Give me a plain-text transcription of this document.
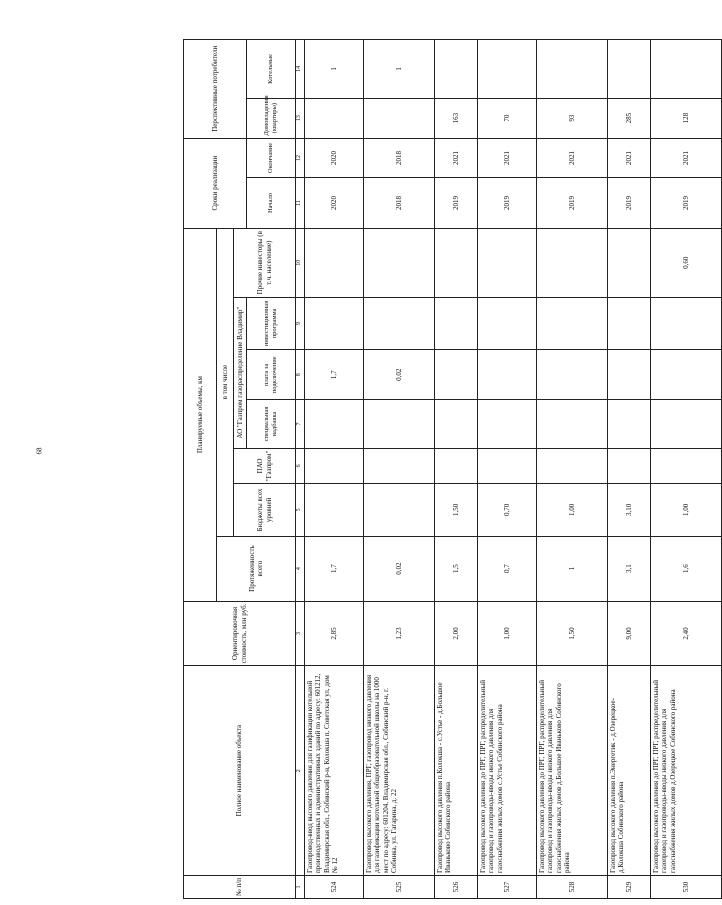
68
№ п/п	Полное наименование объекта	Ориентировочная стоимость, млн руб.	Планируемые объемы, км							Сроки реализации		Перспективные потребители	
			Протяженность всего	в том числе									
				Бюджеты всех уровней	ПАО "Газпром"	АО "Газпром газораспределение Владимир"			Прочие инвесторы (в т.ч. население)				
						специальная надбавка	плата за подключение	инвестиционная программа		Начало	Окончание	Домовладения (квартиры)	Котельные
1	2	3	4	5	6	7	8	9	10	11	12	13	14
524	Газопровод-ввод высокого давления для газификации котельной производственных и административных зданий по адресу: 601212, Владимирская обл., Собинский р-н, Колокша п, Советская ул, дом № 12	2,85	1,7				1,7			2020	2020		1
525	Газопровод высокого давления, ПРГ, газопровод низкого давления для газификации котельной общеобразовательной школы на 1000 мест по адресу: 601204, Владимирская обл., Собинский р-н, г. Собинка, ул. Гагарина, д. 22	1,23	0,02				0,02			2018	2018		1
526	Газопровод высокого давления п.Колокша - с.Устье - д.Большое Иваньково Собинского района	2,00	1,5	1,50						2019	2021	163	
527	Газопровод высокого давления до ПРГ, ПРГ, распределительный газопровод и газопроводы-вводы низкого давления для газоснабжения жилых домов с.Устье Собинского района	1,00	0,7	0,70						2019	2021	70	
528	Газопровод высокого давления до ПРГ, ПРГ, распределительный газопровод и газопроводы-вводы низкого давления для газоснабжения жилых домов д.Большое Иваньково Собинского района	1,50	1	1,00						2019	2021	93	
529	Газопровод высокого давления п.Энергетик - д.Озерецкое-д.Колокша Собинского района	9,00	3,1	3,10						2019	2021	285	
530	Газопровод высокого давления до ПРГ, ПРГ, распределительный газопровод и газопроводы-вводы низкого давления для газоснабжения жилых домов д.Озерецкое Собинского района	2,40	1,6	1,00					0,60	2019	2021	128	
